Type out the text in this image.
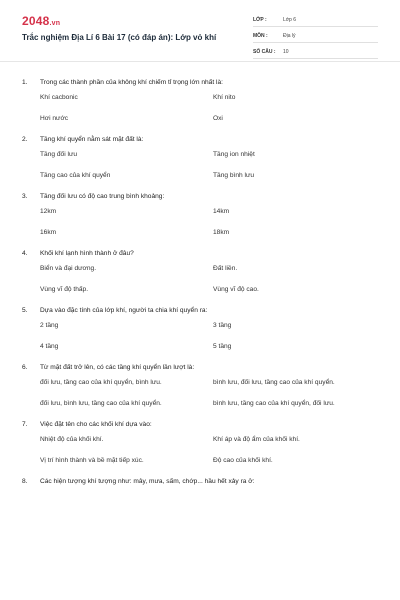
2048.vn
Trắc nghiệm Địa Lí 6 Bài 17 (có đáp án): Lớp vỏ khí
LỚP :	Lớp 6
MÔN :	Địa lý
SỐ CÂU :	10
1.	Trong các thành phần của không khí chiếm tỉ trọng lớn nhất là:
Khí cacbonic	Khí nito
Hơi nước	Oxi
2.	Tầng khí quyển nằm sát mặt đất là:
Tầng đối lưu	Tầng ion nhiệt
Tầng cao của khí quyển	Tầng bình lưu
3.	Tầng đối lưu có độ cao trung bình khoảng:
12km	14km
16km	18km
4.	Khối khí lạnh hình thành ở đâu?
Biển và đại dương.	Đất liền.
Vùng vĩ độ thấp.	Vùng vĩ độ cao.
5.	Dựa vào đặc tính của lớp khí, người ta chia khí quyển ra:
2 tầng	3 tầng
4 tầng	5 tầng
6.	Từ mặt đất trở lên, có các tầng khí quyển lần lượt là:
đối lưu, tầng cao của khí quyển, bình lưu.	bình lưu, đối lưu, tầng cao của khí quyển.
đối lưu, bình lưu, tầng cao của khí quyển.	bình lưu, tầng cao của khí quyển, đối lưu.
7.	Việc đặt tên cho các khối khí dựa vào:
Nhiệt độ của khối khí.	Khí áp và độ ẩm của khối khí.
Vị trí hình thành và bề mặt tiếp xúc.	Độ cao của khối khí.
8.	Các hiện tượng khí tượng như: mây, mưa, sấm, chớp... hầu hết xảy ra ở:
